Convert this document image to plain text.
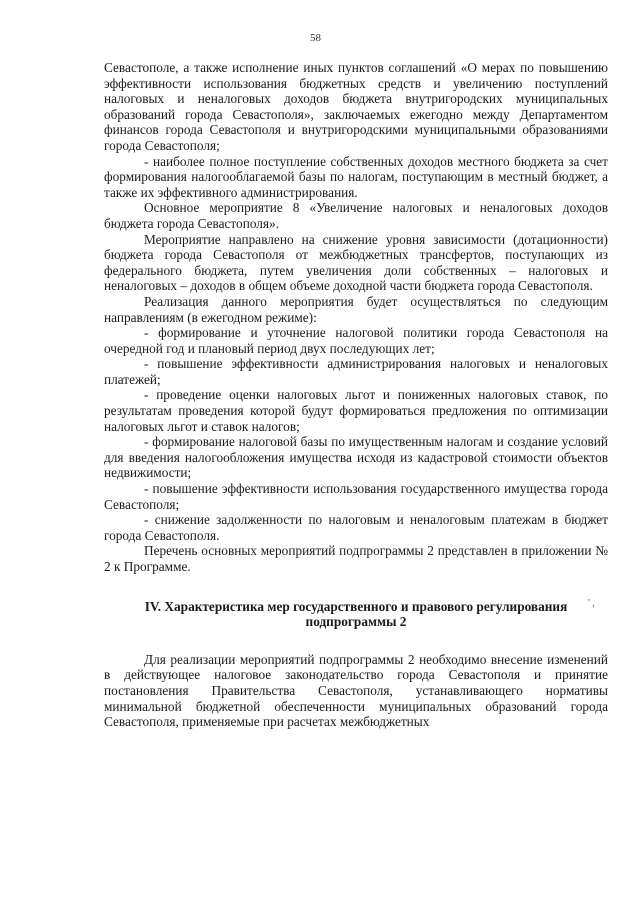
58

Севастополе, а также исполнение иных пунктов соглашений «О мерах по повышению эффективности использования бюджетных средств и увеличению поступлений налоговых и неналоговых доходов бюджета внутригородских муниципальных образований города Севастополя», заключаемых ежегодно между Департаментом финансов города Севастополя и внутригородскими муниципальными образованиями города Севастополя;

- наиболее полное поступление собственных доходов местного бюджета за счет формирования налогооблагаемой базы по налогам, поступающим в местный бюджет, а также их эффективного администрирования.

Основное мероприятие 8 «Увеличение налоговых и неналоговых доходов бюджета города Севастополя».

Мероприятие направлено на снижение уровня зависимости (дотационности) бюджета города Севастополя от межбюджетных трансфертов, поступающих из федерального бюджета, путем увеличения доли собственных – налоговых и неналоговых – доходов в общем объеме доходной части бюджета города Севастополя.

Реализация данного мероприятия будет осуществляться по следующим направлениям (в ежегодном режиме):

- формирование и уточнение налоговой политики города Севастополя на очередной год и плановый период двух последующих лет;

- повышение эффективности администрирования налоговых и неналоговых платежей;

- проведение оценки налоговых льгот и пониженных налоговых ставок, по результатам проведения которой будут формироваться предложения по оптимизации налоговых льгот и ставок налогов;

- формирование налоговой базы по имущественным налогам и создание условий для введения налогообложения имущества исходя из кадастровой стоимости объектов недвижимости;

- повышение эффективности использования государственного имущества города Севастополя;

- снижение задолженности по налоговым и неналоговым платежам в бюджет города Севастополя.

Перечень основных мероприятий подпрограммы 2 представлен в приложении № 2 к Программе.

IV. Характеристика мер государственного и правового регулирования подпрограммы 2

Для реализации мероприятий подпрограммы 2 необходимо внесение изменений в действующее налоговое законодательство города Севастополя и принятие постановления Правительства Севастополя, устанавливающего нормативы минимальной бюджетной обеспеченности муниципальных образований города Севастополя, применяемые при расчетах межбюджетных

' ,
